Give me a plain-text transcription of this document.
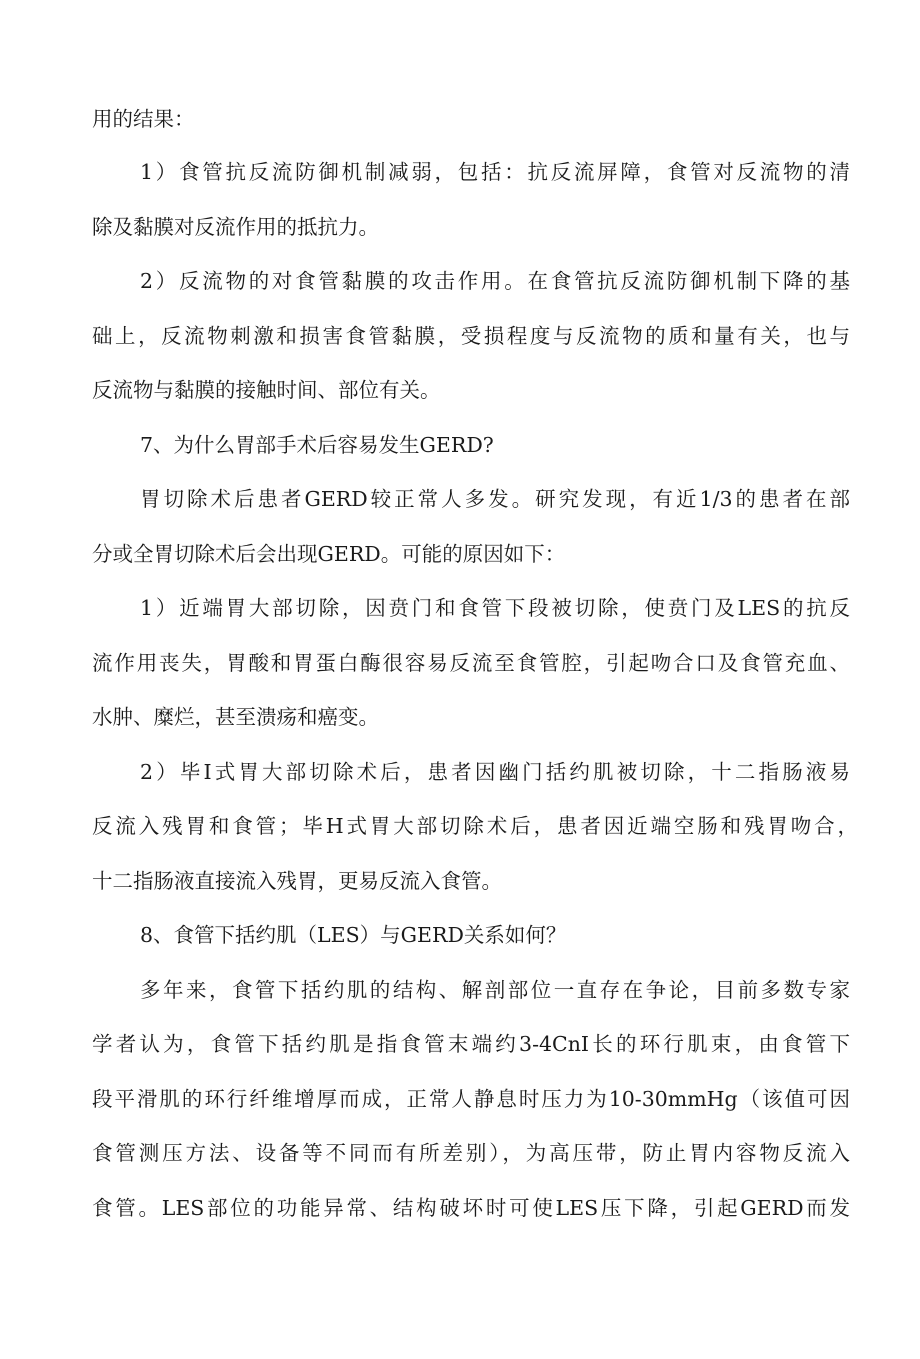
用的结果：
1）食管抗反流防御机制减弱，包括：抗反流屏障，食管对反流物的清
除及黏膜对反流作用的抵抗力。
2）反流物的对食管黏膜的攻击作用。在食管抗反流防御机制下降的基
础上，反流物刺激和损害食管黏膜，受损程度与反流物的质和量有关，也与
反流物与黏膜的接触时间、部位有关。
7、为什么胃部手术后容易发生GERD?
胃切除术后患者GERD较正常人多发。研究发现，有近1/3的患者在部
分或全胃切除术后会出现GERD。可能的原因如下：
1）近端胃大部切除，因贲门和食管下段被切除，使贲门及LES的抗反
流作用丧失，胃酸和胃蛋白酶很容易反流至食管腔，引起吻合口及食管充血、
水肿、糜烂，甚至溃疡和癌变。
2）毕I式胃大部切除术后，患者因幽门括约肌被切除，十二指肠液易
反流入残胃和食管；毕H式胃大部切除术后，患者因近端空肠和残胃吻合，
十二指肠液直接流入残胃，更易反流入食管。
8、食管下括约肌（LES）与GERD关系如何？
多年来，食管下括约肌的结构、解剖部位一直存在争论，目前多数专家
学者认为，食管下括约肌是指食管末端约3-4CnI长的环行肌束，由食管下
段平滑肌的环行纤维增厚而成，正常人静息时压力为10-30mmHg（该值可因
食管测压方法、设备等不同而有所差别），为高压带，防止胃内容物反流入
食管。LES部位的功能异常、结构破坏时可使LES压下降，引起GERD而发
